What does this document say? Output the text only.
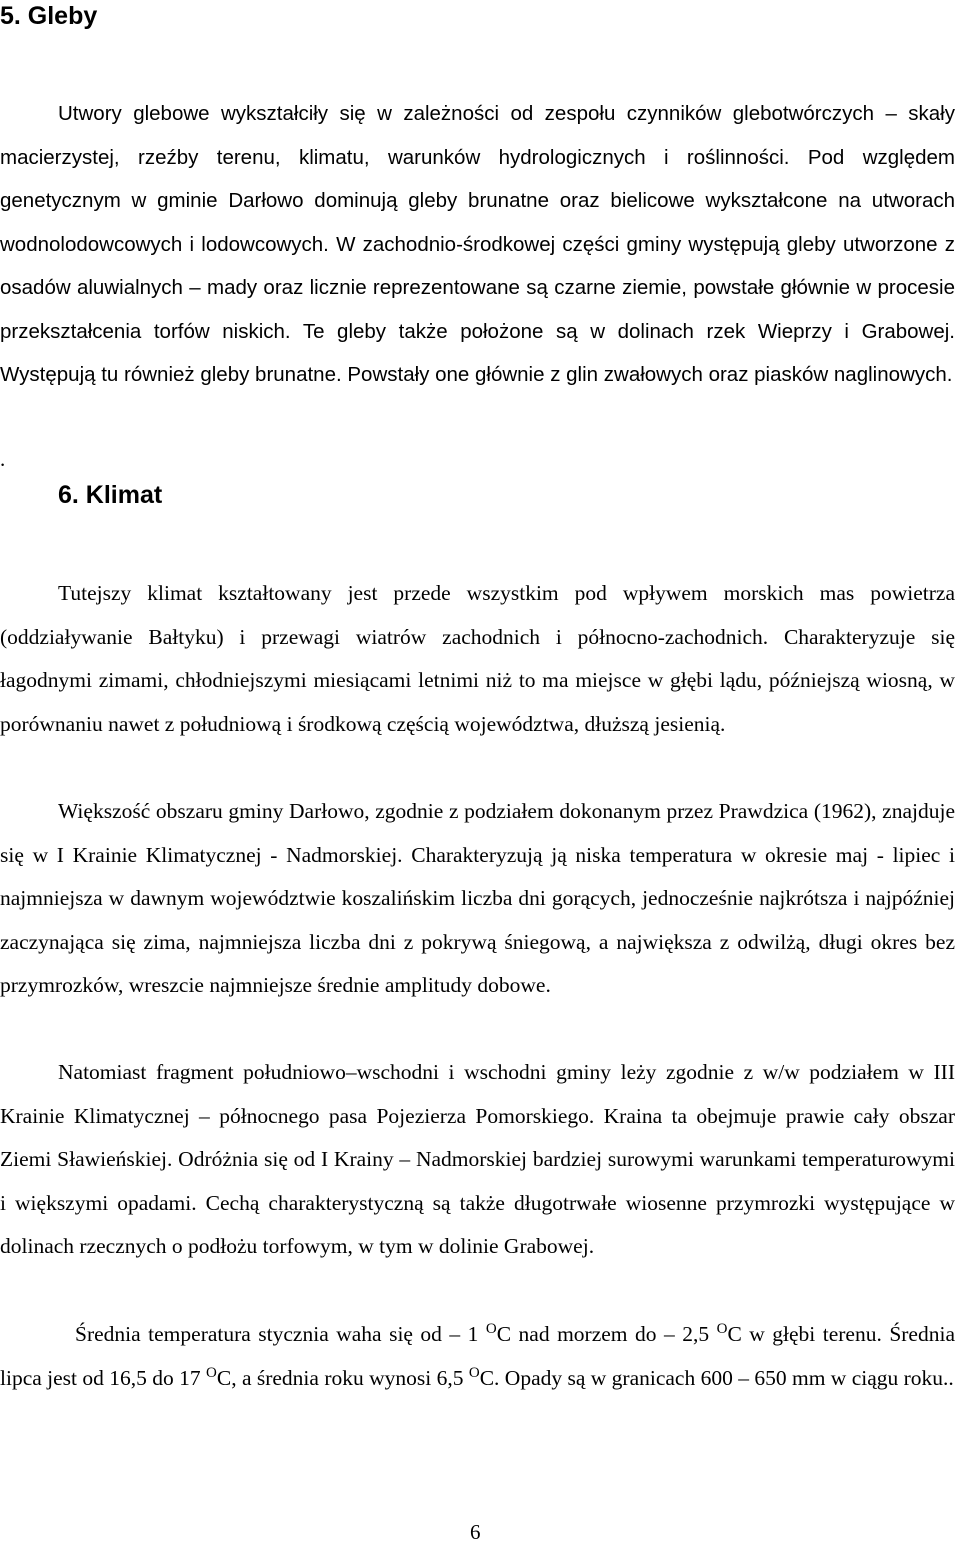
5. Gleby

Utwory glebowe wykształciły się w zależności od zespołu czynników glebotwórczych – skały macierzystej, rzeźby terenu, klimatu, warunków hydrologicznych i roślinności. Pod względem genetycznym w gminie Darłowo dominują gleby brunatne oraz bielicowe wykształcone na utworach wodnolodowcowych i lodowcowych. W zachodnio-środkowej części gminy występują gleby utworzone z osadów aluwialnych – mady oraz licznie reprezentowane są czarne ziemie, powstałe głównie w procesie przekształcenia torfów niskich. Te gleby także położone są w dolinach rzek Wieprzy i Grabowej. Występują tu również gleby brunatne. Powstały one głównie z glin zwałowych oraz piasków naglinowych.

.

6. Klimat

Tutejszy klimat kształtowany jest przede wszystkim pod wpływem morskich mas powietrza (oddziaływanie Bałtyku) i przewagi wiatrów zachodnich i północno-zachodnich. Charakteryzuje się łagodnymi zimami, chłodniejszymi miesiącami letnimi niż to ma miejsce w głębi lądu, późniejszą wiosną, w porównaniu nawet z południową i środkową częścią województwa, dłuższą jesienią.

Większość obszaru gminy Darłowo, zgodnie z podziałem dokonanym przez Prawdzica (1962), znajduje się w I Krainie Klimatycznej - Nadmorskiej. Charakteryzują ją niska temperatura w okresie maj - lipiec i najmniejsza w dawnym województwie koszalińskim liczba dni gorących, jednocześnie najkrótsza i najpóźniej zaczynająca się zima, najmniejsza liczba dni z pokrywą śniegową, a największa z odwilżą, długi okres bez przymrozków, wreszcie najmniejsze średnie amplitudy dobowe.

Natomiast fragment południowo–wschodni i wschodni gminy leży zgodnie z w/w podziałem w III Krainie Klimatycznej – północnego pasa Pojezierza Pomorskiego. Kraina ta obejmuje prawie cały obszar Ziemi Sławieńskiej. Odróżnia się od I Krainy – Nadmorskiej bardziej surowymi warunkami temperaturowymi i większymi opadami. Cechą charakterystyczną są także długotrwałe wiosenne przymrozki występujące w dolinach rzecznych o podłożu torfowym, w tym w dolinie Grabowej.

Średnia temperatura stycznia waha się od – 1 $^O$C nad morzem do – 2,5 $^O$C w głębi terenu. Średnia lipca jest od 16,5 do 17 $^O$C, a średnia roku wynosi 6,5 $^O$C. Opady są w granicach 600 – 650 mm w ciągu roku..

6
